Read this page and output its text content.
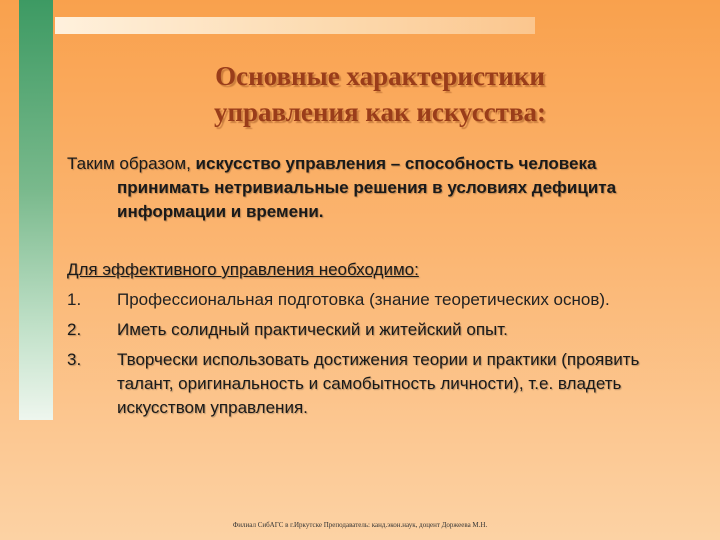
Основные характеристики
управления как искусства:

Таким образом, искусство управления – способность человека принимать нетривиальные решения в условиях дефицита информации и времени.

Для эффективного управления необходимо:
1. Профессиональная подготовка (знание теоретических основ).
2. Иметь солидный практический и житейский опыт.
3. Творчески использовать достижения теории и практики (проявить талант, оригинальность и самобытность личности), т.е. владеть искусством управления.
Филиал СибАГС в г.Иркутске Преподаватель: канд.экон.наук, доцент Доржеева М.Н.
